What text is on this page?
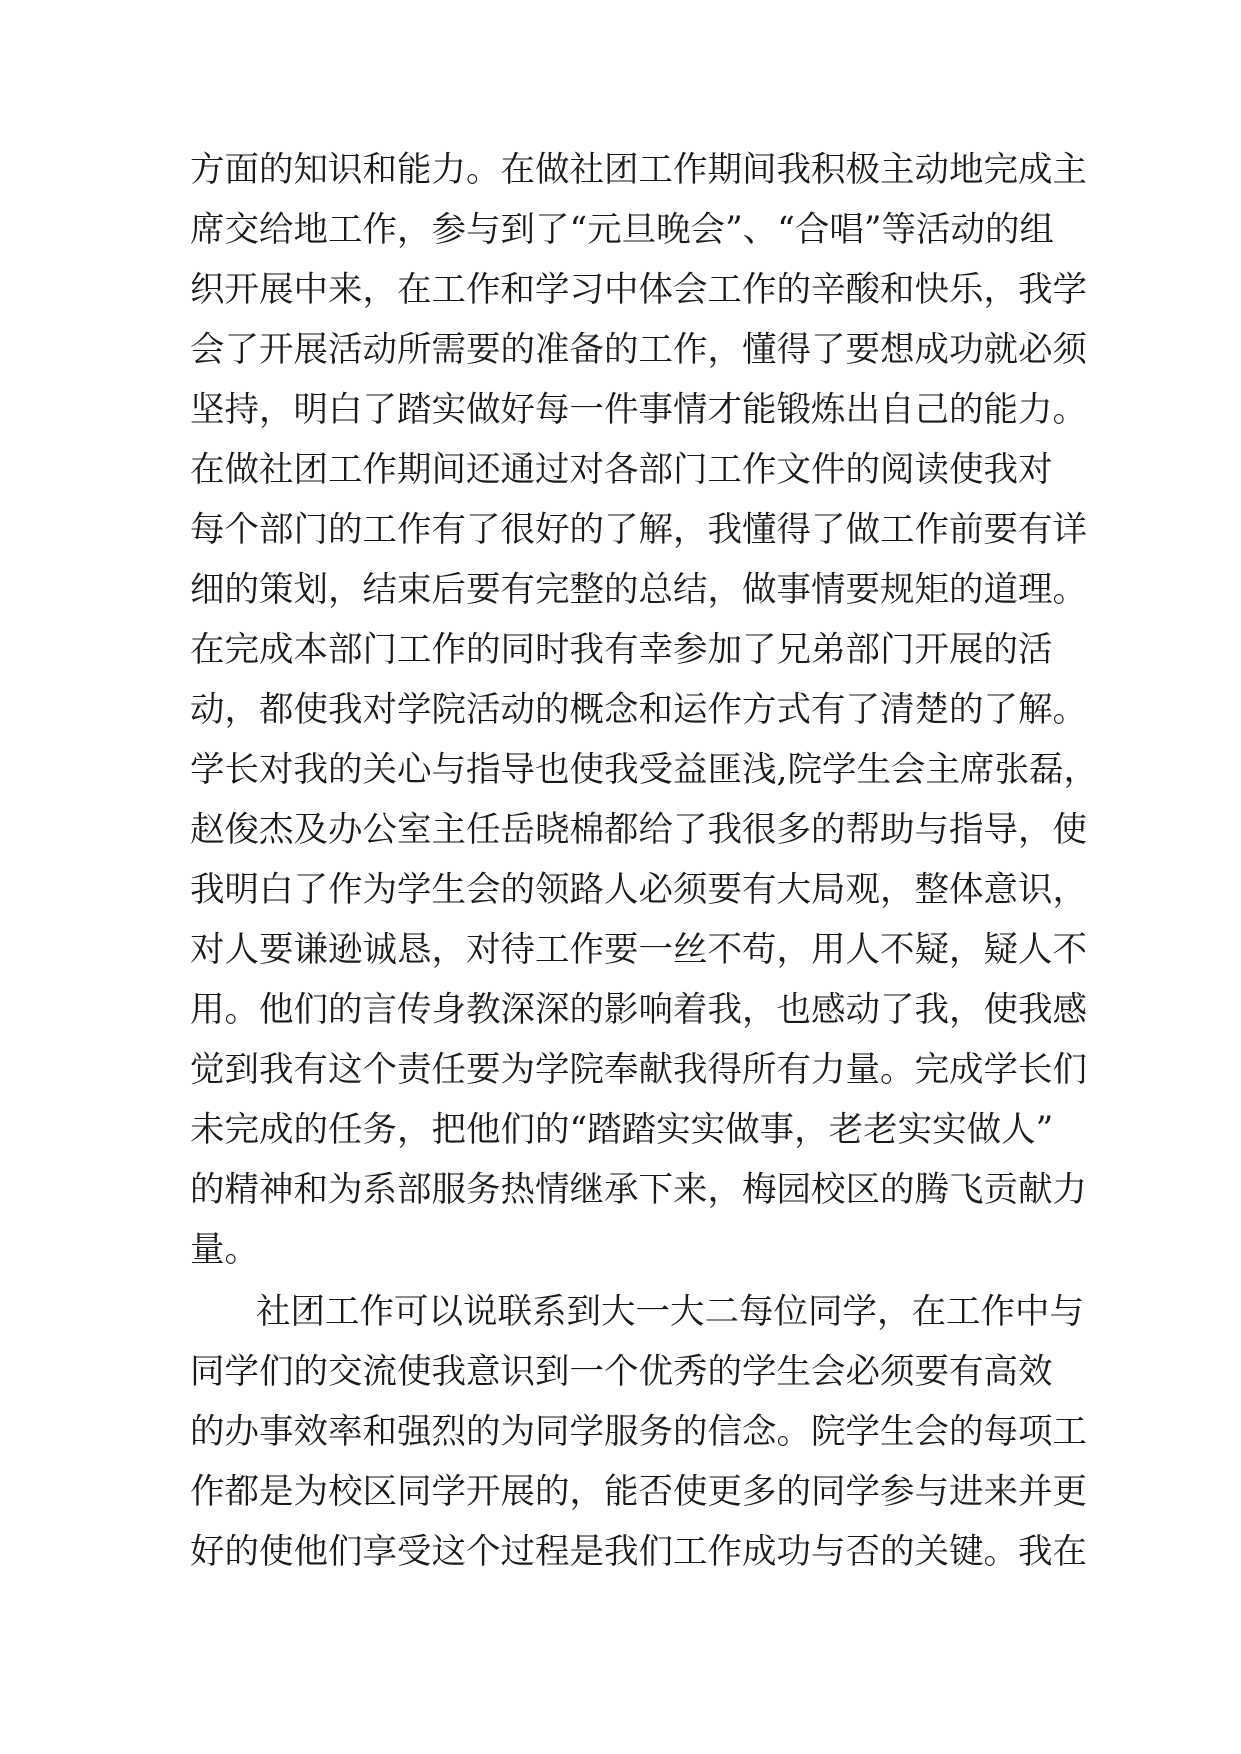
方面的知识和能力。在做社团工作期间我积极主动地完成主
席交给地工作，参与到了“元旦晚会”、“合唱”等活动的组
织开展中来，在工作和学习中体会工作的辛酸和快乐，我学
会了开展活动所需要的准备的工作，懂得了要想成功就必须
坚持，明白了踏实做好每一件事情才能锻炼出自己的能力。
在做社团工作期间还通过对各部门工作文件的阅读使我对
每个部门的工作有了很好的了解，我懂得了做工作前要有详
细的策划，结束后要有完整的总结，做事情要规矩的道理。
在完成本部门工作的同时我有幸参加了兄弟部门开展的活
动，都使我对学院活动的概念和运作方式有了清楚的了解。
学长对我的关心与指导也使我受益匪浅,院学生会主席张磊，
赵俊杰及办公室主任岳晓棉都给了我很多的帮助与指导，使
我明白了作为学生会的领路人必须要有大局观，整体意识，
对人要谦逊诚恳，对待工作要一丝不苟，用人不疑，疑人不
用。他们的言传身教深深的影响着我，也感动了我，使我感
觉到我有这个责任要为学院奉献我得所有力量。完成学长们
未完成的任务，把他们的“踏踏实实做事，老老实实做人”
的精神和为系部服务热情继承下来，梅园校区的腾飞贡献力
量。
社团工作可以说联系到大一大二每位同学，在工作中与
同学们的交流使我意识到一个优秀的学生会必须要有高效
的办事效率和强烈的为同学服务的信念。院学生会的每项工
作都是为校区同学开展的，能否使更多的同学参与进来并更
好的使他们享受这个过程是我们工作成功与否的关键。我在
